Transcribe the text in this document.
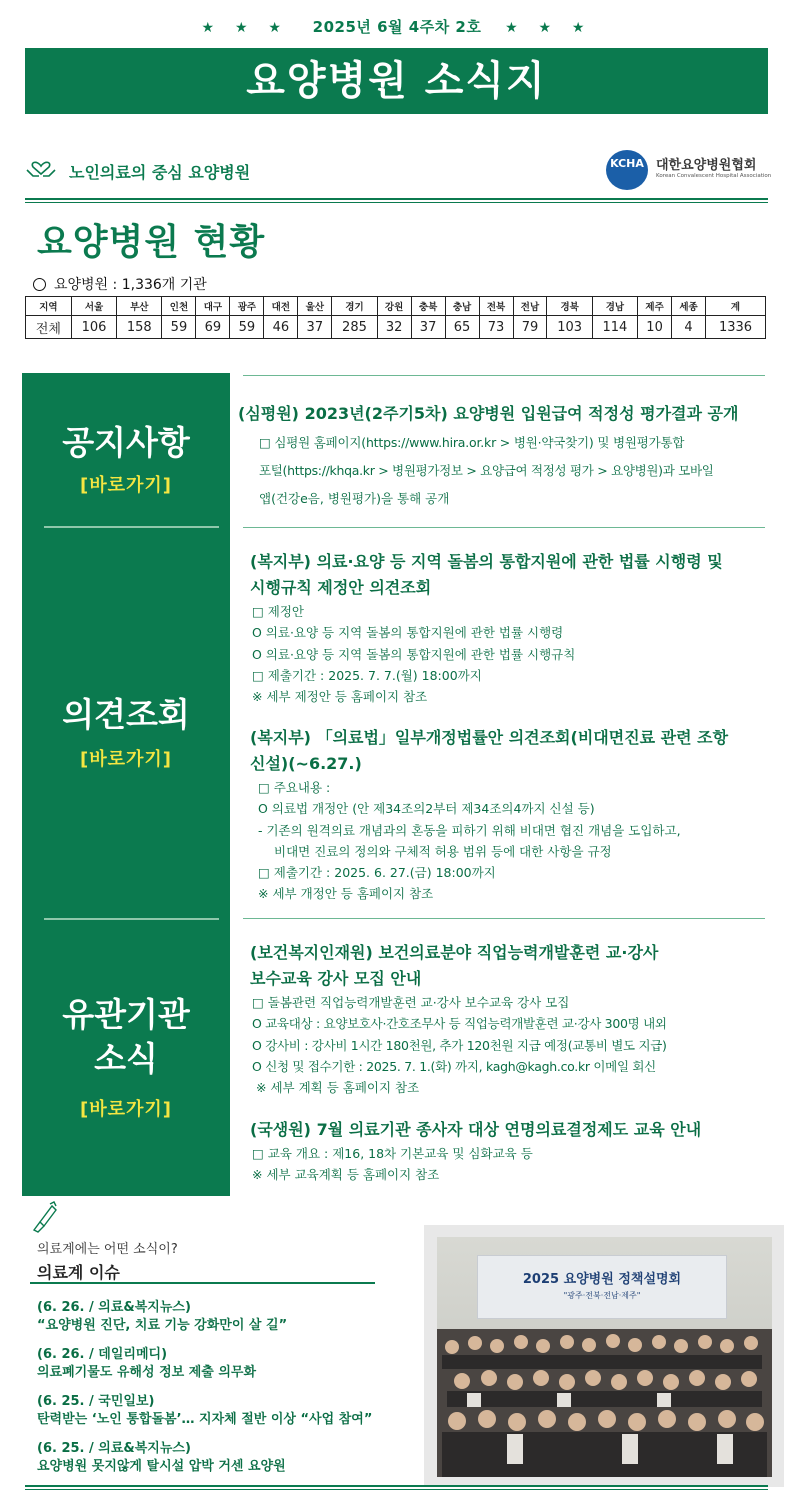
★ ★ ★ 2025년 6월 4주차 2호 ★ ★ ★
요양병원 소식지
노인의료의 중심 요양병원	KCHA 대한요양병원협회
Korean Convalescent Hospital Association
요양병원 현황
요양병원 : 1,336개 기관
지역	서울	부산	인천	대구	광주	대전	울산	경기	강원	충북	충남	전북	전남	경북	경남	제주	세종	계
전체	106	158	59	69	59	46	37	285	32	37	65	73	79	103	114	10	4	1336
공지사항
[바로가기]
의견조회
[바로가기]
유관기관
소식
[바로가기]
(심평원) 2023년(2주기5차) 요양병원 입원급여 적정성 평가결과 공개
□ 심평원 홈페이지(https://www.hira.or.kr > 병원·약국찾기) 및 병원평가통합
포털(https://khqa.kr > 병원평가정보 > 요양급여 적정성 평가 > 요양병원)과 모바일
앱(건강e음, 병원평가)을 통해 공개
(복지부) 의료·요양 등 지역 돌봄의 통합지원에 관한 법률 시행령 및
시행규칙 제정안 의견조회
□ 제정안
O 의료·요양 등 지역 돌봄의 통합지원에 관한 법률 시행령
O 의료·요양 등 지역 돌봄의 통합지원에 관한 법률 시행규칙
□ 제출기간 : 2025. 7. 7.(월) 18:00까지
※ 세부 제정안 등 홈페이지 참조
(복지부) 「의료법」일부개정법률안 의견조회(비대면진료 관련 조항
신설)(~6.27.)
□ 주요내용 :
O 의료법 개정안 (안 제34조의2부터 제34조의4까지 신설 등)
- 기존의 원격의료 개념과의 혼동을 피하기 위해 비대면 협진 개념을 도입하고,
비대면 진료의 정의와 구체적 허용 범위 등에 대한 사항을 규정
□ 제출기간 : 2025. 6. 27.(금) 18:00까지
※ 세부 개정안 등 홈페이지 참조
(보건복지인재원) 보건의료분야 직업능력개발훈련 교·강사
보수교육 강사 모집 안내
□ 돌봄관련 직업능력개발훈련 교·강사 보수교육 강사 모집
O 교육대상 : 요양보호사·간호조무사 등 직업능력개발훈련 교·강사 300명 내외
O 강사비 : 강사비 1시간 180천원, 추가 120천원 지급 예정(교통비 별도 지급)
O 신청 및 접수기한 : 2025. 7. 1.(화) 까지, kagh@kagh.co.kr 이메일 회신
※ 세부 계획 등 홈페이지 참조
(국생원) 7월 의료기관 종사자 대상 연명의료결정제도 교육 안내
□ 교육 개요 : 제16, 18차 기본교육 및 심화교육 등
※ 세부 교육계획 등 홈페이지 참조
의료계에는 어떤 소식이?
의료계 이슈
(6. 26. / 의료&복지뉴스)
“요양병원 진단, 치료 기능 강화만이 살 길”
(6. 26. / 데일리메디)
의료폐기물도 유해성 정보 제출 의무화
(6. 25. / 국민일보)
탄력받는 ‘노인 통합돌봄’… 지자체 절반 이상 “사업 참여”
(6. 25. / 의료&복지뉴스)
요양병원 못지않게 탈시설 압박 거센 요양원
2025 요양병원 정책설명회
"광주·전북·전남·제주"
